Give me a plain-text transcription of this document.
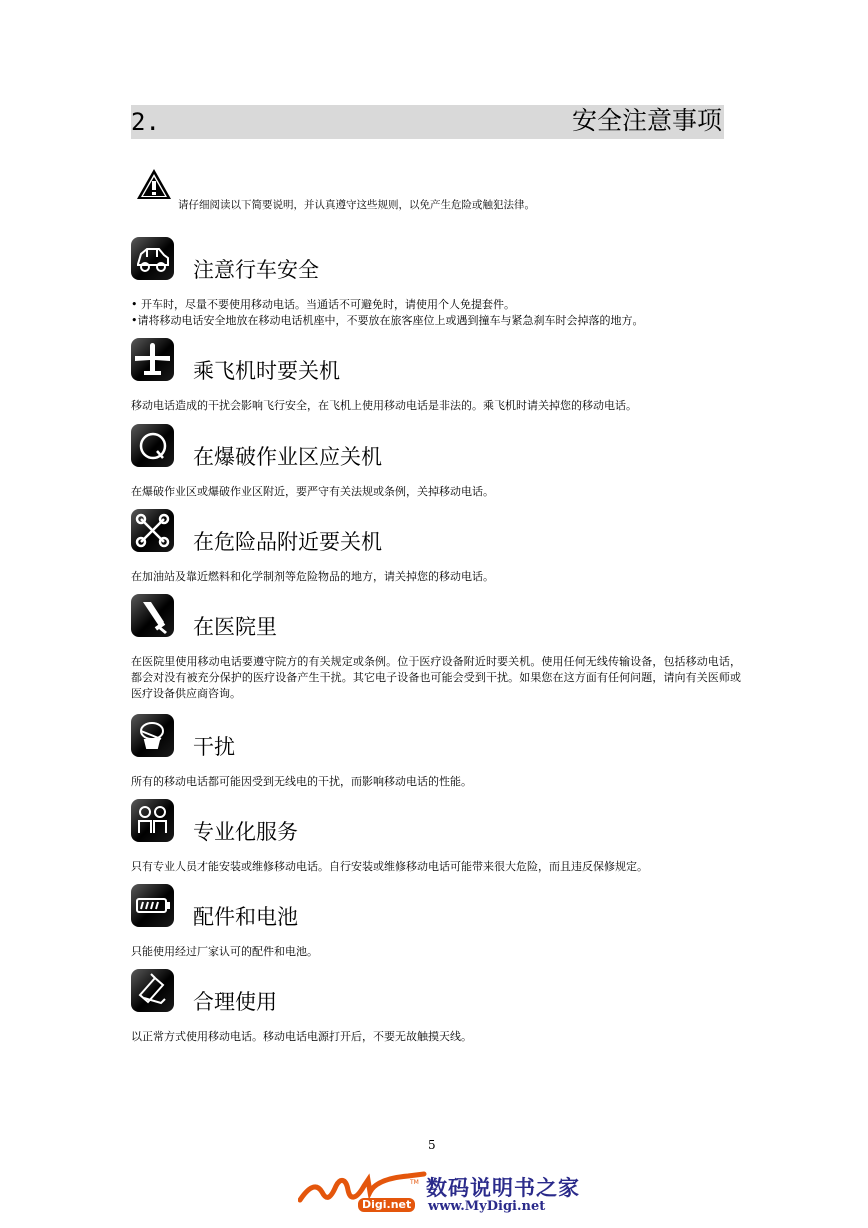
2.	安全注意事项
请仔细阅读以下简要说明，并认真遵守这些规则，以免产生危险或触犯法律。
注意行车安全

• 开车时，尽量不要使用移动电话。当通话不可避免时，请使用个人免提套件。

•请将移动电话安全地放在移动电话机座中，不要放在旅客座位上或遇到撞车与紧急刹车时会掉落的地方。

乘飞机时要关机

移动电话造成的干扰会影响飞行安全，在飞机上使用移动电话是非法的。乘飞机时请关掉您的移动电话。

在爆破作业区应关机

在爆破作业区或爆破作业区附近，要严守有关法规或条例，关掉移动电话。

在危险品附近要关机

在加油站及靠近燃料和化学制剂等危险物品的地方，请关掉您的移动电话。

在医院里

在医院里使用移动电话要遵守院方的有关规定或条例。位于医疗设备附近时要关机。使用任何无线传输设备，包括移动电话，都会对没有被充分保护的医疗设备产生干扰。其它电子设备也可能会受到干扰。如果您在这方面有任何问题，请向有关医师或医疗设备供应商咨询。

干扰

所有的移动电话都可能因受到无线电的干扰，而影响移动电话的性能。

专业化服务

只有专业人员才能安装或维修移动电话。自行安装或维修移动电话可能带来很大危险，而且违反保修规定。

配件和电池

只能使用经过厂家认可的配件和电池。

合理使用

以正常方式使用移动电话。移动电话电源打开后，不要无故触摸天线。

5
TM
Digi.net
数码说明书之家
www.MyDigi.net
